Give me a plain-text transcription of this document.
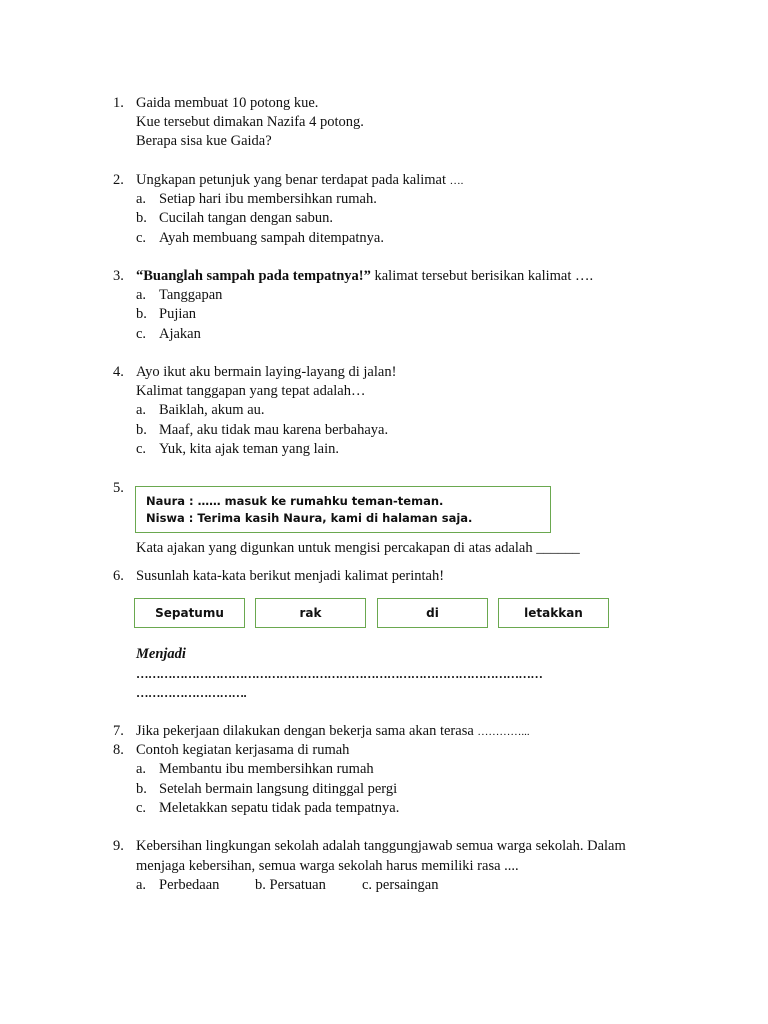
1. Gaida membuat 10 potong kue.
Kue tersebut dimakan Nazifa 4 potong.
Berapa sisa kue Gaida?
2. Ungkapan petunjuk yang benar terdapat pada kalimat ….
a. Setiap hari ibu membersihkan rumah.
b. Cucilah tangan dengan sabun.
c. Ayah membuang sampah ditempatnya.
3. “Buanglah sampah pada tempatnya!” kalimat tersebut berisikan kalimat ….
a. Tanggapan
b. Pujian
c. Ajakan
4. Ayo ikut aku bermain laying-layang di jalan!
Kalimat tanggapan yang tepat adalah…
a. Baiklah, akum au.
b. Maaf, aku tidak mau karena berbahaya.
c. Yuk, kita ajak teman yang lain.
5.
Naura : …… masuk ke rumahku teman-teman.
Niswa : Terima kasih Naura, kami di halaman saja.
Kata ajakan yang digunkan untuk mengisi percakapan di atas adalah ______
6. Susunlah kata-kata berikut menjadi kalimat perintah!
Sepatumu	rak	di	letakkan
Menjadi
…………………………………………………………………………………………
……………………….
7. Jika pekerjaan dilakukan dengan bekerja sama akan terasa …………...
8. Contoh kegiatan kerjasama di rumah
a. Membantu ibu membersihkan rumah
b. Setelah bermain langsung ditinggal pergi
c. Meletakkan sepatu tidak pada tempatnya.
9. Kebersihan lingkungan sekolah adalah tanggungjawab semua warga sekolah. Dalam
menjaga kebersihan, semua warga sekolah harus memiliki rasa ....
a. Perbedaan b. Persatuan c. persaingan
